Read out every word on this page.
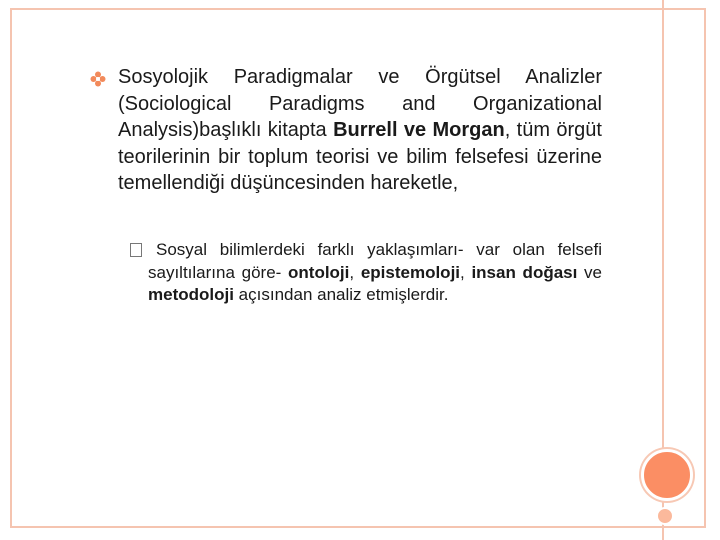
Sosyolojik Paradigmalar ve Örgütsel Analizler (Sociological Paradigms and Organizational Analysis)başlıklı kitapta Burrell ve Morgan, tüm örgüt teorilerinin bir toplum teorisi ve bilim felsefesi üzerine temellendiği düşüncesinden hareketle,
Sosyal bilimlerdeki farklı yaklaşımları- var olan felsefi sayıltılarına göre- ontoloji, epistemoloji, insan doğası ve metodoloji açısından analiz etmişlerdir.
